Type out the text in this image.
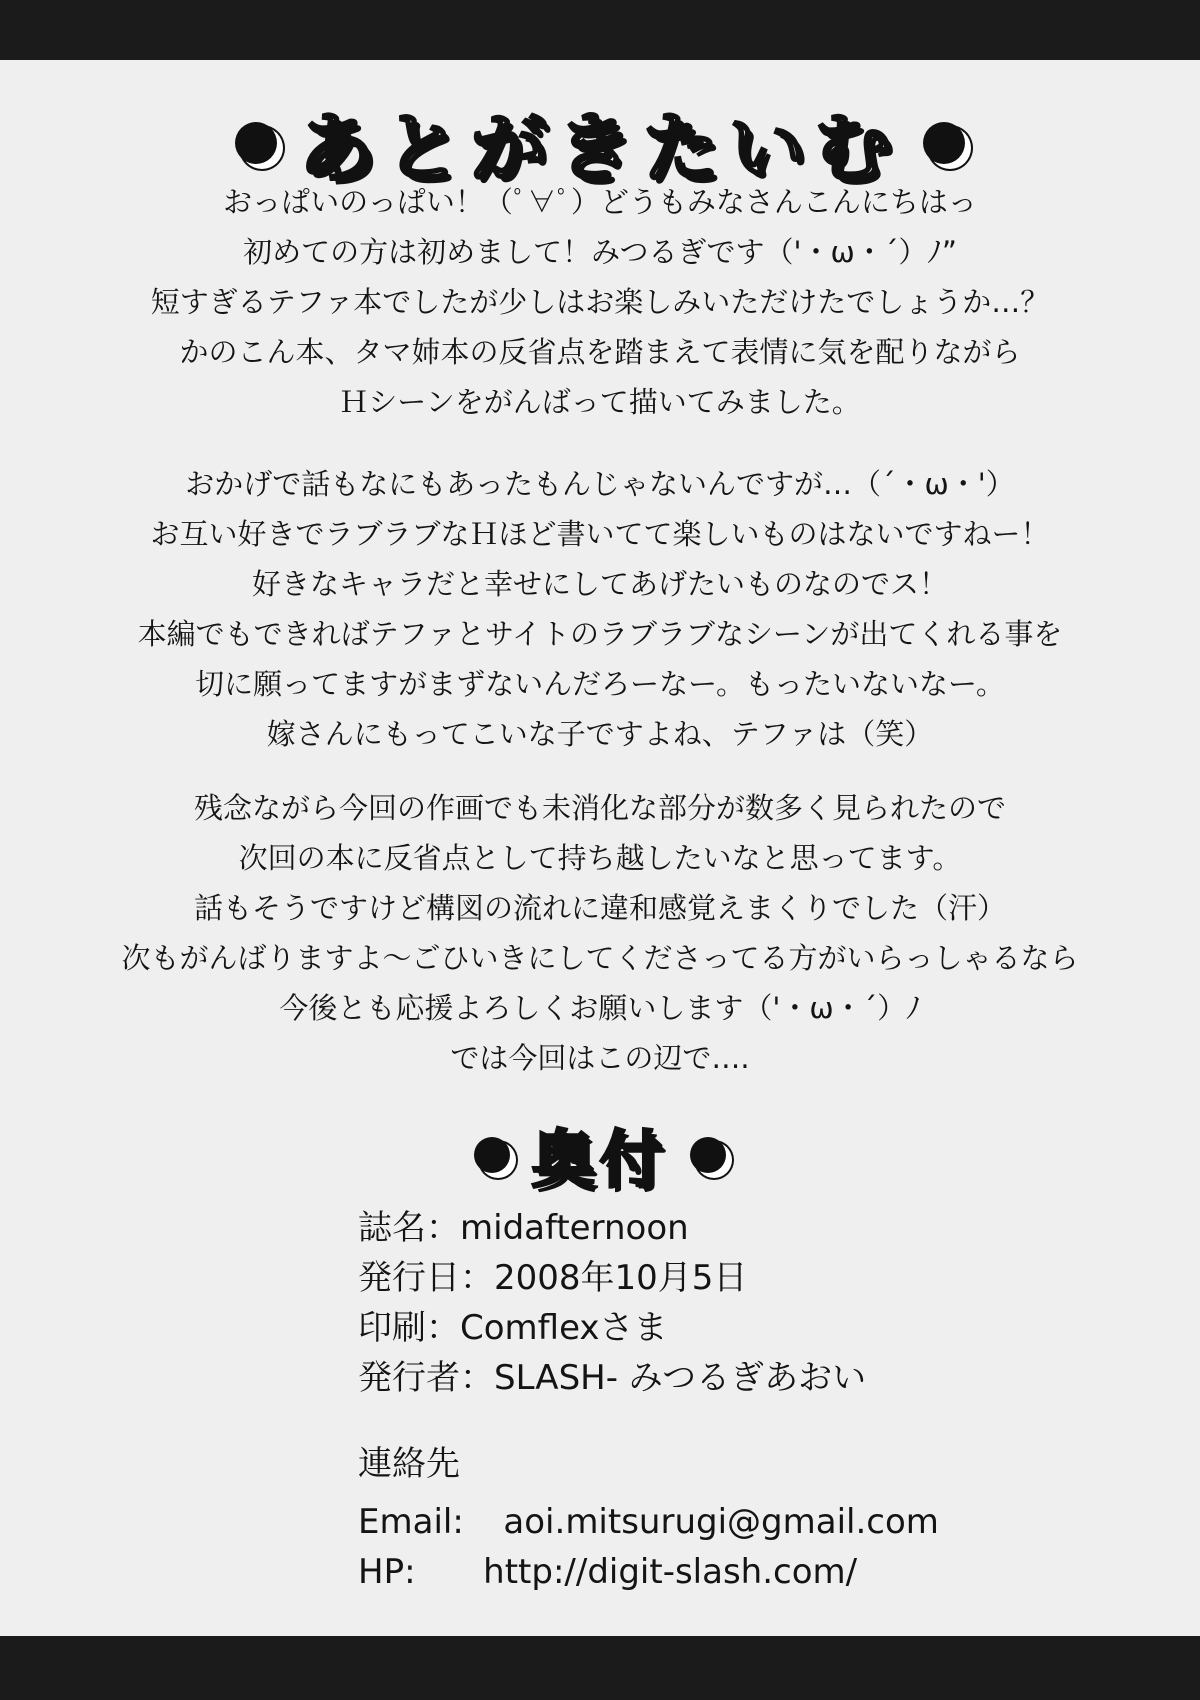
あとがきたいむ
おっぱいのっぱい！（ﾟ∀ﾟ）どうもみなさんこんにちはっ
初めての方は初めまして！みつるぎです（'・ω・´）ﾉ”
短すぎるテファ本でしたが少しはお楽しみいただけたでしょうか…？
かのこん本、タマ姉本の反省点を踏まえて表情に気を配りながら
Ｈシーンをがんばって描いてみました。
おかげで話もなにもあったもんじゃないんですが…（´・ω・'）
お互い好きでラブラブなＨほど書いてて楽しいものはないですねー！
好きなキャラだと幸せにしてあげたいものなのでス！
本編でもできればテファとサイトのラブラブなシーンが出てくれる事を
切に願ってますがまずないんだろーなー。もったいないなー。
嫁さんにもってこいな子ですよね、テファは（笑）
残念ながら今回の作画でも未消化な部分が数多く見られたので
次回の本に反省点として持ち越したいなと思ってます。
話もそうですけど構図の流れに違和感覚えまくりでした（汗）
次もがんばりますよ～ごひいきにしてくださってる方がいらっしゃるなら
今後とも応援よろしくお願いします（'・ω・´）ﾉ
では今回はこの辺で….
奥付
誌名：midafternoon
発行日：2008年10月5日
印刷：Comflexさま
発行者：SLASH- みつるぎあおい
連絡先
Email: aoi.mitsurugi@gmail.com
HP: http://digit-slash.com/
